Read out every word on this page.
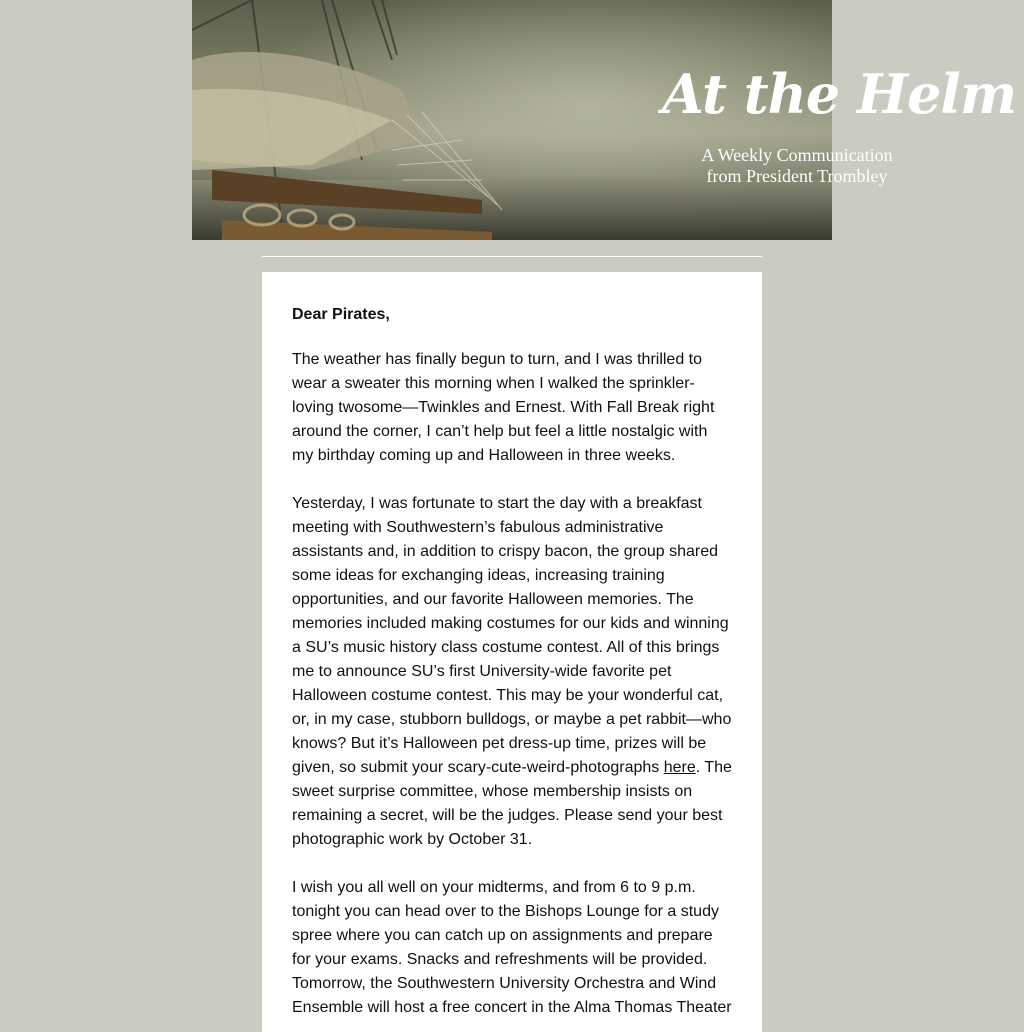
At the Helm
A Weekly Communication
from President Trombley

Dear Pirates,

The weather has finally begun to turn, and I was thrilled to wear a sweater this morning when I walked the sprinkler-loving twosome—Twinkles and Ernest. With Fall Break right around the corner, I can’t help but feel a little nostalgic with my birthday coming up and Halloween in three weeks.

Yesterday, I was fortunate to start the day with a breakfast meeting with Southwestern’s fabulous administrative assistants and, in addition to crispy bacon, the group shared some ideas for exchanging ideas, increasing training opportunities, and our favorite Halloween memories. The memories included making costumes for our kids and winning a SU’s music history class costume contest. All of this brings me to announce SU’s first University-wide favorite pet Halloween costume contest. This may be your wonderful cat, or, in my case, stubborn bulldogs, or maybe a pet rabbit—who knows? But it’s Halloween pet dress-up time, prizes will be given, so submit your scary-cute-weird-photographs here. The sweet surprise committee, whose membership insists on remaining a secret, will be the judges. Please send your best photographic work by October 31.

I wish you all well on your midterms, and from 6 to 9 p.m. tonight you can head over to the Bishops Lounge for a study spree where you can catch up on assignments and prepare for your exams. Snacks and refreshments will be provided. Tomorrow, the Southwestern University Orchestra and Wind Ensemble will host a free concert in the Alma Thomas Theater
